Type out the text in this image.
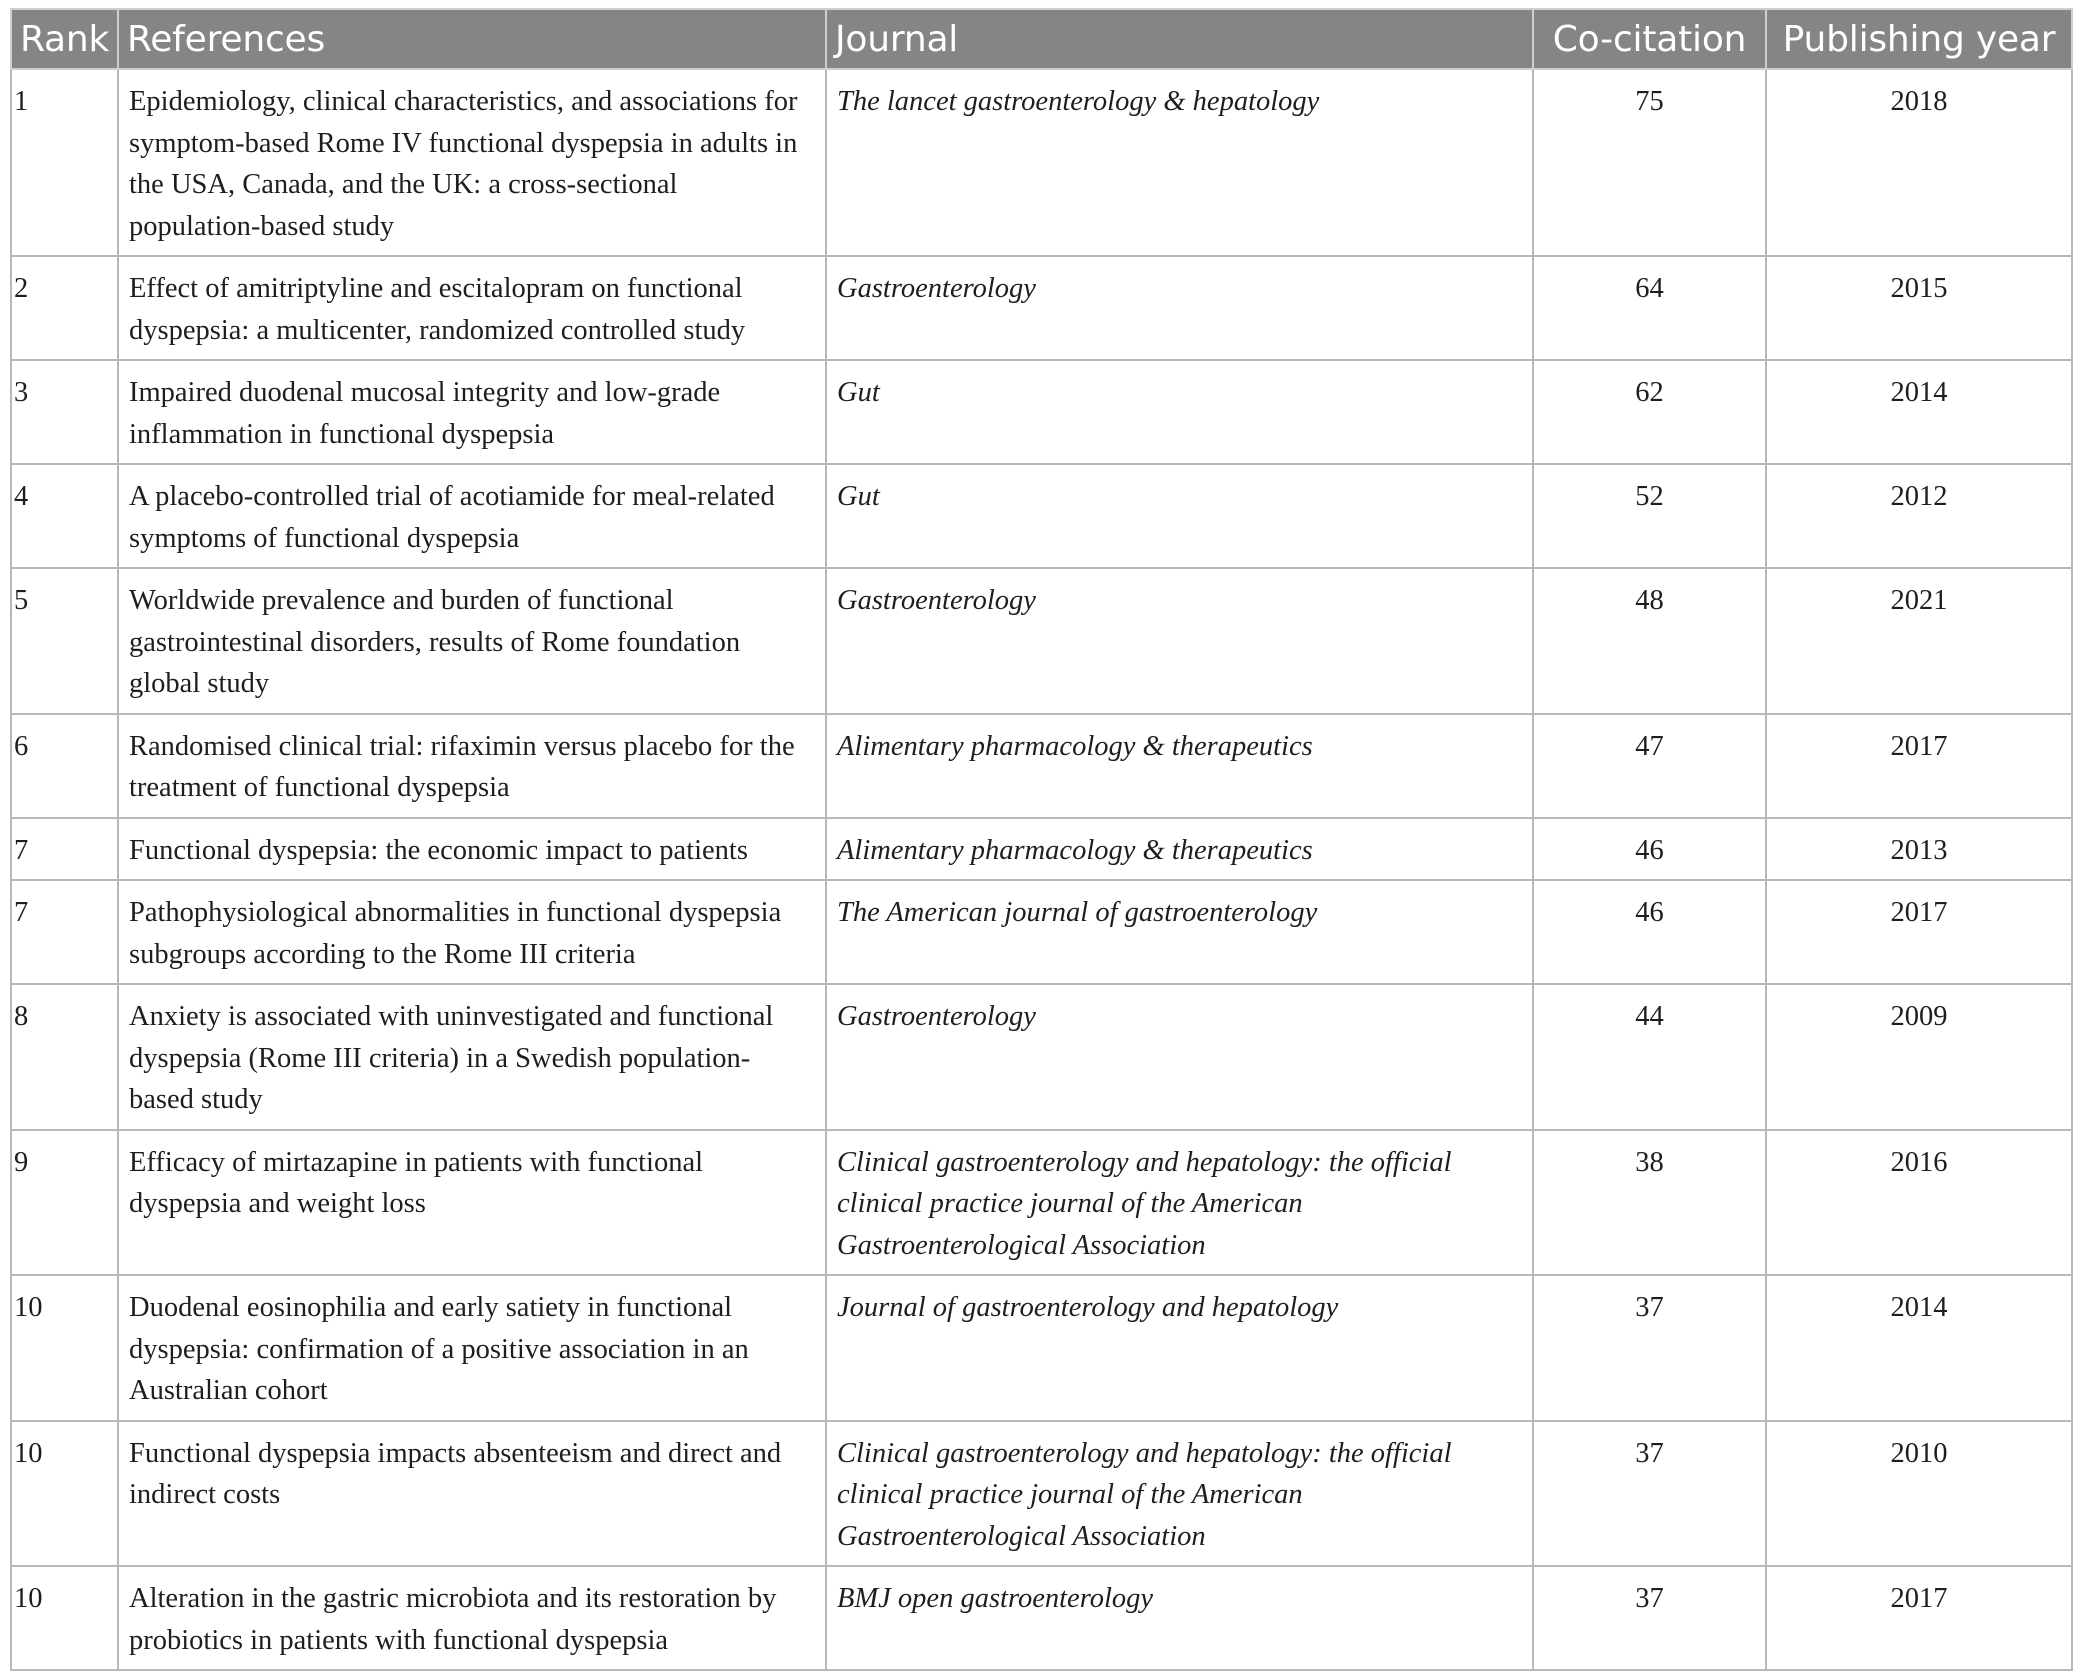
Rank	References	Journal	Co-citation	Publishing year
1	Epidemiology, clinical characteristics, and associations for symptom-based Rome IV functional dyspepsia in adults in the USA, Canada, and the UK: a cross-sectional population-based study	The lancet gastroenterology & hepatology	75	2018
2	Effect of amitriptyline and escitalopram on functional dyspepsia: a multicenter, randomized controlled study	Gastroenterology	64	2015
3	Impaired duodenal mucosal integrity and low-grade inflammation in functional dyspepsia	Gut	62	2014
4	A placebo-controlled trial of acotiamide for meal-related symptoms of functional dyspepsia	Gut	52	2012
5	Worldwide prevalence and burden of functional gastrointestinal disorders, results of Rome foundation global study	Gastroenterology	48	2021
6	Randomised clinical trial: rifaximin versus placebo for the treatment of functional dyspepsia	Alimentary pharmacology & therapeutics	47	2017
7	Functional dyspepsia: the economic impact to patients	Alimentary pharmacology & therapeutics	46	2013
7	Pathophysiological abnormalities in functional dyspepsia subgroups according to the Rome III criteria	The American journal of gastroenterology	46	2017
8	Anxiety is associated with uninvestigated and functional dyspepsia (Rome III criteria) in a Swedish population-based study	Gastroenterology	44	2009
9	Efficacy of mirtazapine in patients with functional dyspepsia and weight loss	Clinical gastroenterology and hepatology: the official clinical practice journal of the American Gastroenterological Association	38	2016
10	Duodenal eosinophilia and early satiety in functional dyspepsia: confirmation of a positive association in an Australian cohort	Journal of gastroenterology and hepatology	37	2014
10	Functional dyspepsia impacts absenteeism and direct and indirect costs	Clinical gastroenterology and hepatology: the official clinical practice journal of the American Gastroenterological Association	37	2010
10	Alteration in the gastric microbiota and its restoration by probiotics in patients with functional dyspepsia	BMJ open gastroenterology	37	2017
